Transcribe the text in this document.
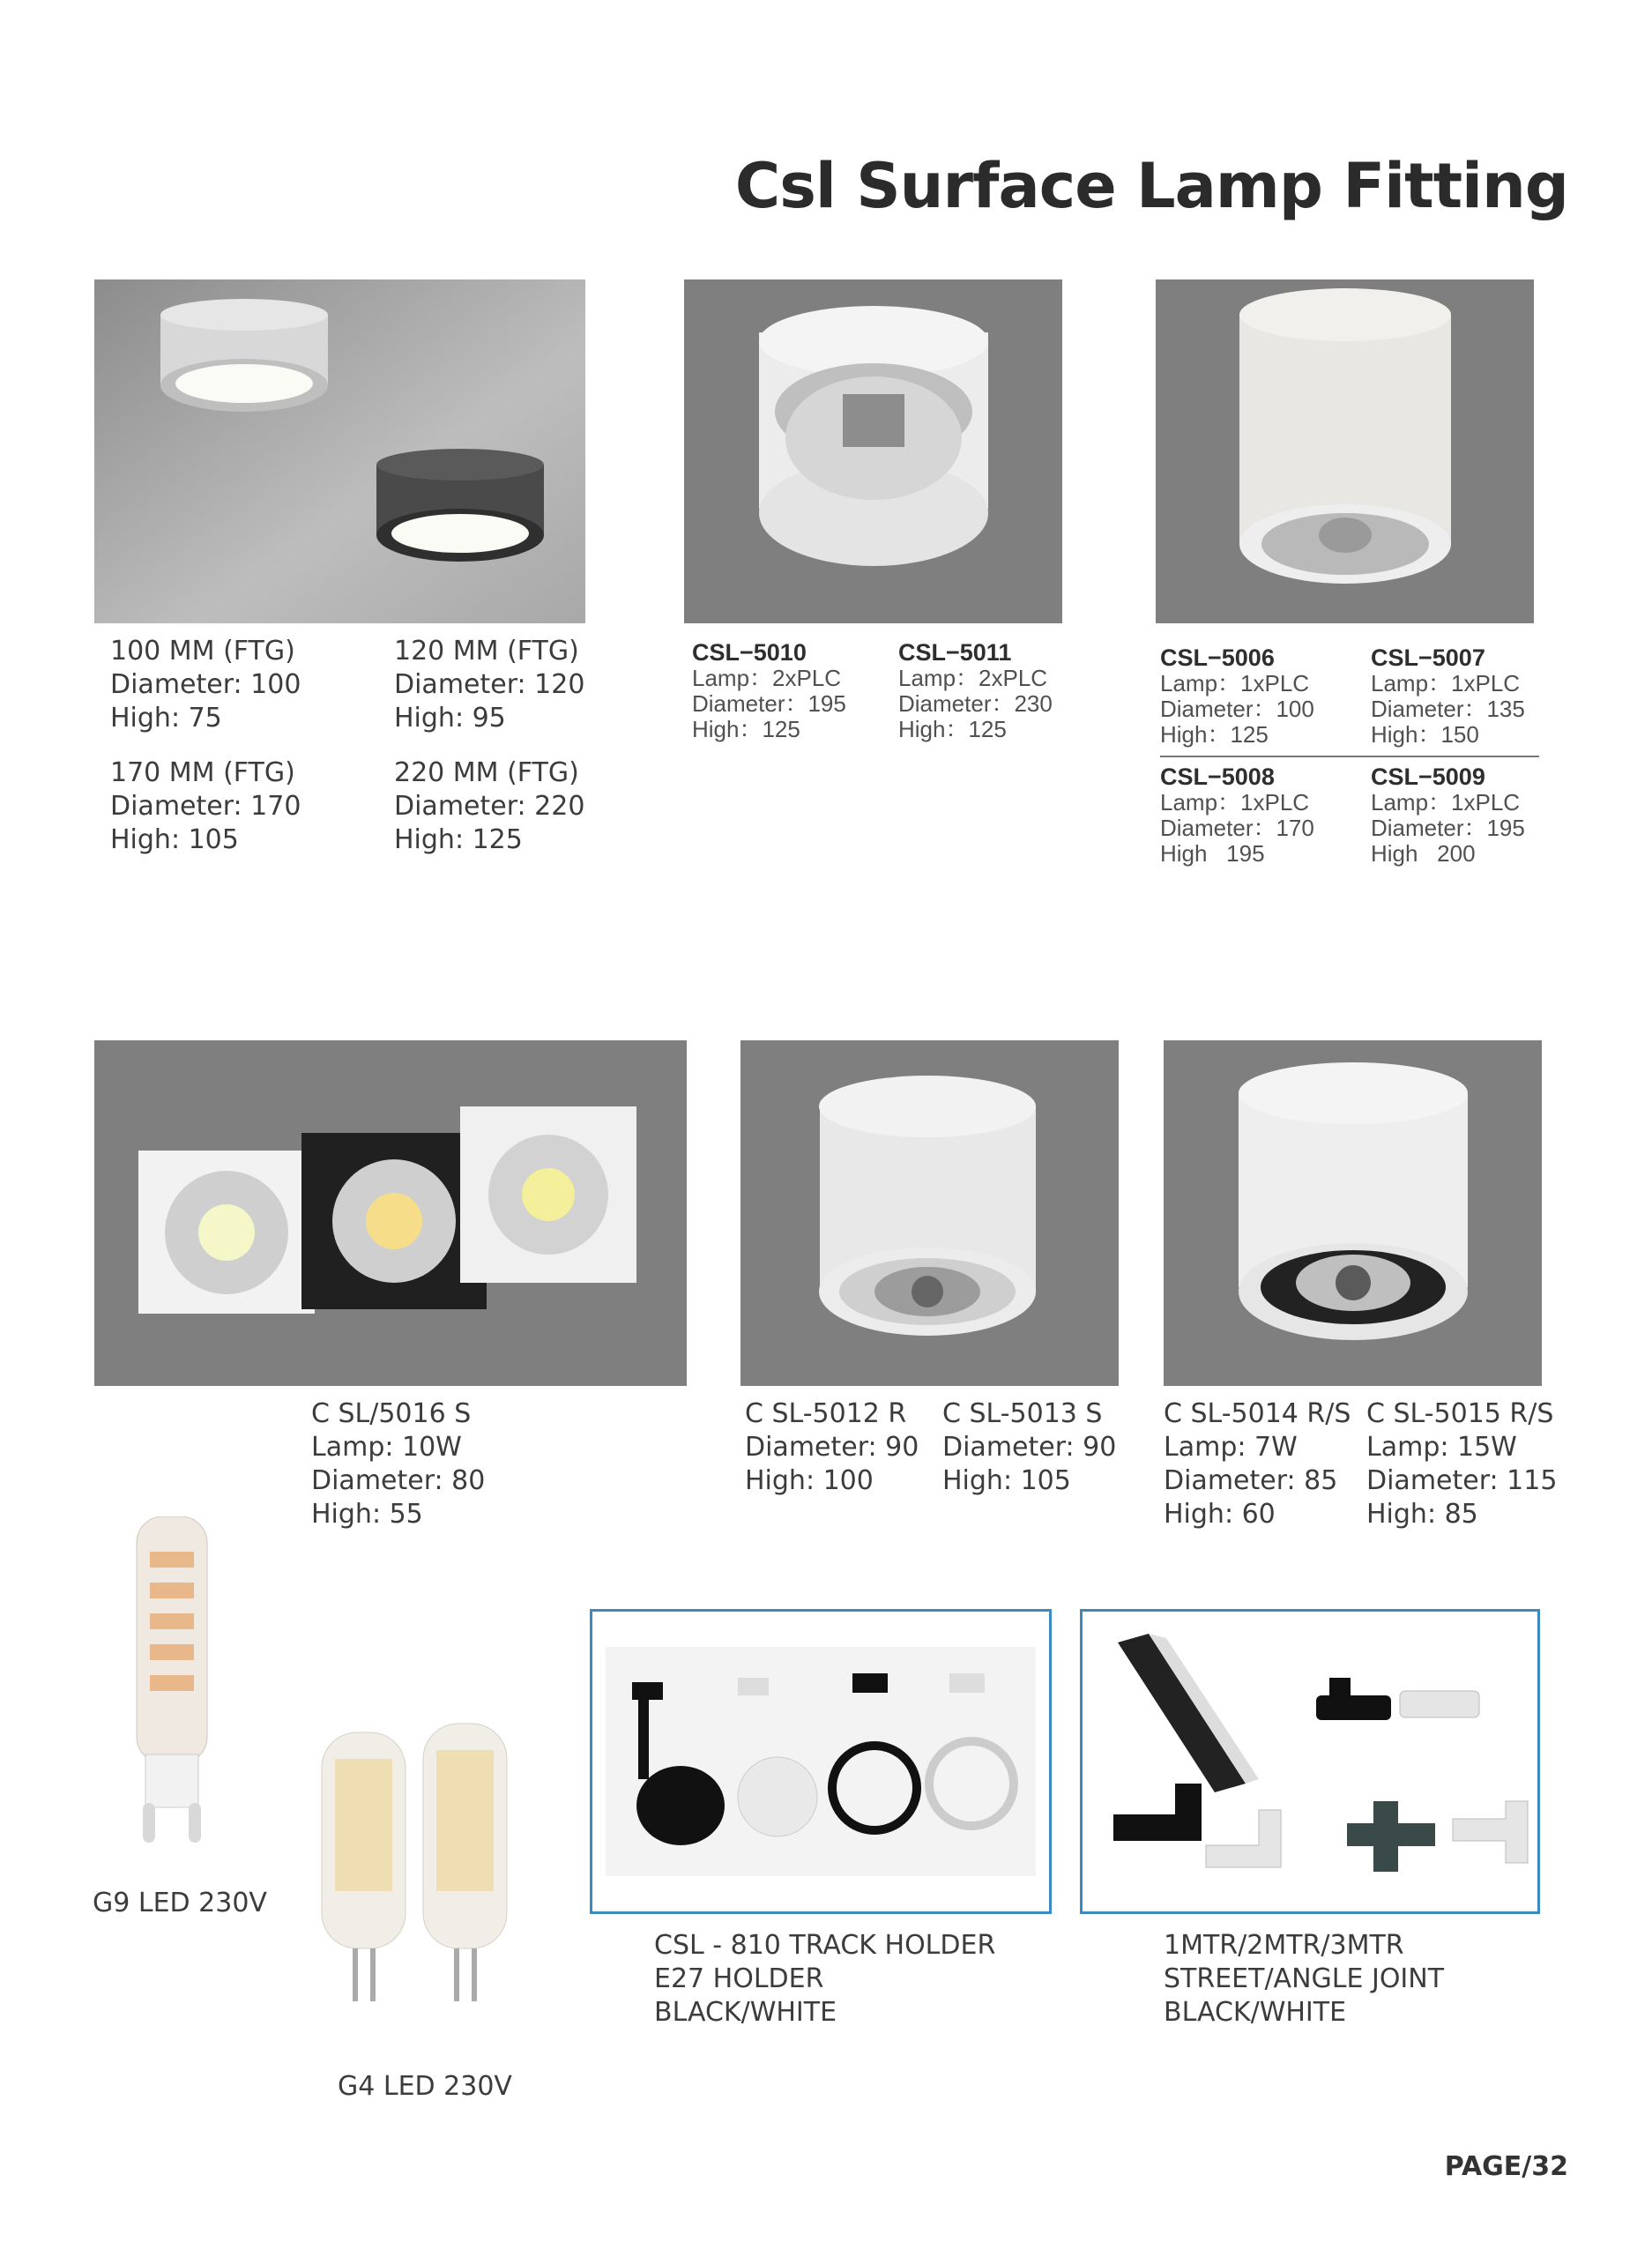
Csl Surface Lamp Fitting
100 MM (FTG)
Diameter: 100
High: 75
120 MM (FTG)
Diameter: 120
High: 95
170 MM (FTG)
Diameter: 170
High: 105
220 MM (FTG)
Diameter: 220
High: 125
CSL−5010
Lamp：2xPLC
Diameter：195
High：125
CSL−5011
Lamp：2xPLC
Diameter：230
High：125
CSL−5006
Lamp：1xPLC
Diameter：100
High：125
CSL−5007
Lamp：1xPLC
Diameter：135
High：150
CSL−5008
Lamp：1xPLC
Diameter：170
High   195
CSL−5009
Lamp：1xPLC
Diameter：195
High   200
C SL/5016 S
Lamp: 10W
Diameter: 80
High: 55
C SL-5012 R
Diameter: 90
High: 100
C SL-5013 S
Diameter: 90
High: 105
C SL-5014 R/S
Lamp: 7W
Diameter: 85
High: 60
C SL-5015 R/S
Lamp: 15W
Diameter: 115
High: 85
G9 LED 230V
G4 LED 230V
CSL - 810 TRACK HOLDER
E27 HOLDER
BLACK/WHITE
1MTR/2MTR/3MTR
STREET/ANGLE JOINT
BLACK/WHITE
PAGE/32
